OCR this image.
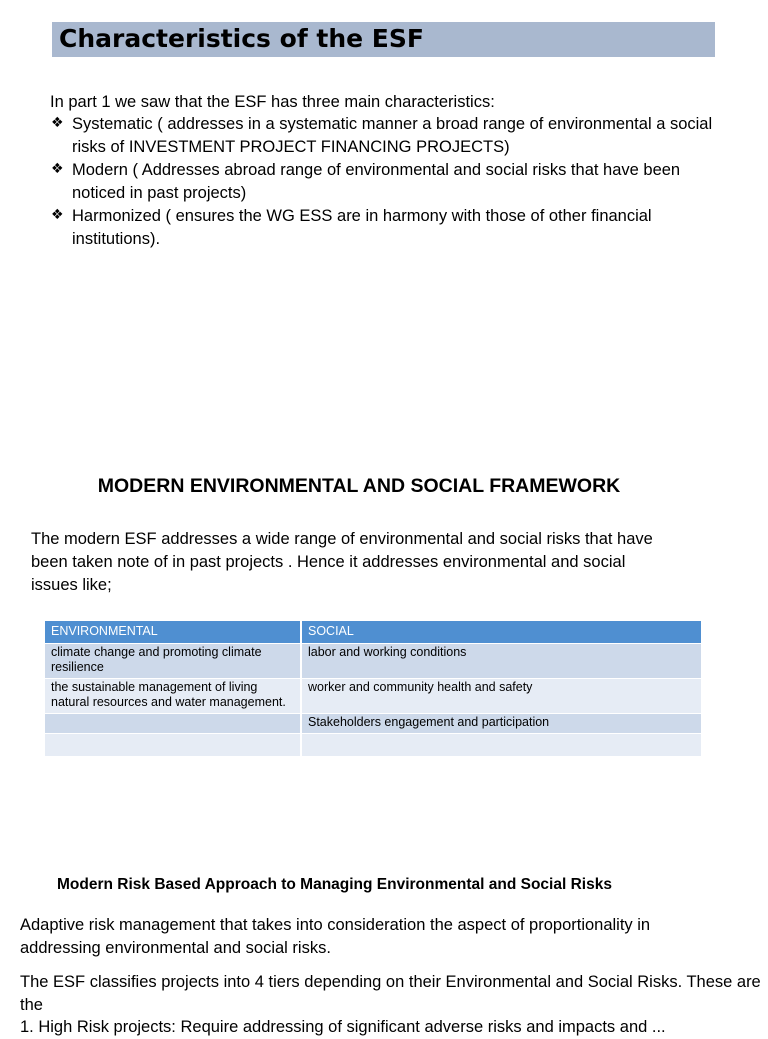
Characteristics of the ESF
In part 1 we saw that the ESF has three main characteristics:
❖ Systematic ( addresses in a systematic manner a broad range of environmental a social risks of INVESTMENT PROJECT FINANCING PROJECTS)
❖ Modern ( Addresses abroad range of environmental and social risks that have been noticed in past projects)
❖ Harmonized ( ensures the WG ESS are in harmony with those of other financial institutions).
MODERN ENVIRONMENTAL AND SOCIAL FRAMEWORK
The modern ESF addresses a wide range of environmental and social risks that have been taken note of in past projects . Hence it addresses environmental and social issues like;
ENVIRONMENTAL	SOCIAL
climate change and promoting climate resilience	labor and working conditions
the sustainable management of living natural resources and water management.	worker and community health and safety
	Stakeholders engagement and participation

Modern Risk Based Approach to Managing Environmental and Social Risks
Adaptive risk management that takes into consideration the aspect of proportionality in addressing environmental and social risks.
The ESF classifies projects into 4 tiers depending on their Environmental and Social Risks. These are the
1. High Risk projects: Require addressing of significant adverse risks and impacts and ...
